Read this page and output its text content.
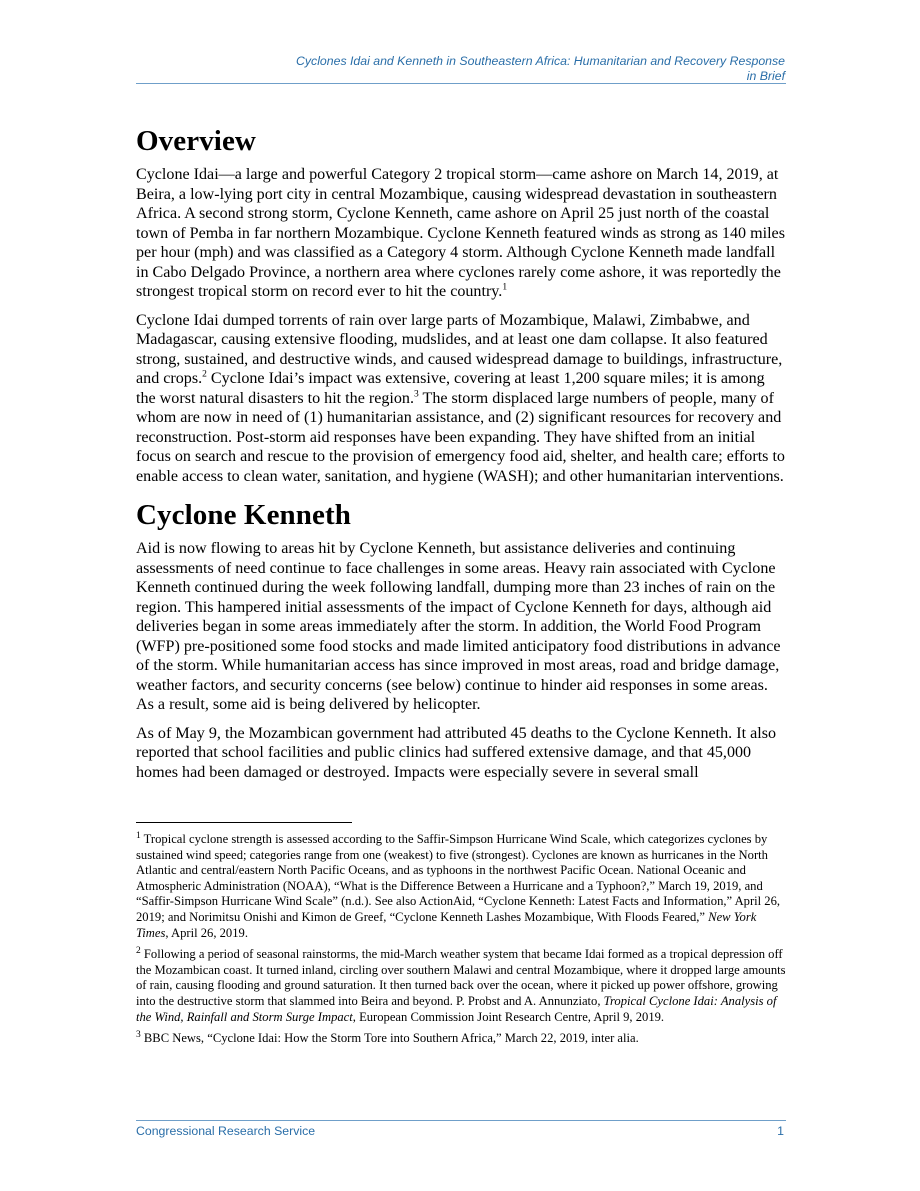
Cyclones Idai and Kenneth in Southeastern Africa: Humanitarian and Recovery Response
in Brief
Overview

Cyclone Idai—a large and powerful Category 2 tropical storm—came ashore on March 14, 2019, at Beira, a low-lying port city in central Mozambique, causing widespread devastation in southeastern Africa. A second strong storm, Cyclone Kenneth, came ashore on April 25 just north of the coastal town of Pemba in far northern Mozambique. Cyclone Kenneth featured winds as strong as 140 miles per hour (mph) and was classified as a Category 4 storm. Although Cyclone Kenneth made landfall in Cabo Delgado Province, a northern area where cyclones rarely come ashore, it was reportedly the strongest tropical storm on record ever to hit the country.$^1$

Cyclone Idai dumped torrents of rain over large parts of Mozambique, Malawi, Zimbabwe, and Madagascar, causing extensive flooding, mudslides, and at least one dam collapse. It also featured strong, sustained, and destructive winds, and caused widespread damage to buildings, infrastructure, and crops.$^2$ Cyclone Idai’s impact was extensive, covering at least 1,200 square miles; it is among the worst natural disasters to hit the region.$^3$ The storm displaced large numbers of people, many of whom are now in need of (1) humanitarian assistance, and (2) significant resources for recovery and reconstruction. Post-storm aid responses have been expanding. They have shifted from an initial focus on search and rescue to the provision of emergency food aid, shelter, and health care; efforts to enable access to clean water, sanitation, and hygiene (WASH); and other humanitarian interventions.

Cyclone Kenneth

Aid is now flowing to areas hit by Cyclone Kenneth, but assistance deliveries and continuing assessments of need continue to face challenges in some areas. Heavy rain associated with Cyclone Kenneth continued during the week following landfall, dumping more than 23 inches of rain on the region. This hampered initial assessments of the impact of Cyclone Kenneth for days, although aid deliveries began in some areas immediately after the storm. In addition, the World Food Program (WFP) pre-positioned some food stocks and made limited anticipatory food distributions in advance of the storm. While humanitarian access has since improved in most areas, road and bridge damage, weather factors, and security concerns (see below) continue to hinder aid responses in some areas. As a result, some aid is being delivered by helicopter.

As of May 9, the Mozambican government had attributed 45 deaths to the Cyclone Kenneth. It also reported that school facilities and public clinics had suffered extensive damage, and that 45,000 homes had been damaged or destroyed. Impacts were especially severe in several small

$^1$ Tropical cyclone strength is assessed according to the Saffir-Simpson Hurricane Wind Scale, which categorizes cyclones by sustained wind speed; categories range from one (weakest) to five (strongest). Cyclones are known as hurricanes in the North Atlantic and central/eastern North Pacific Oceans, and as typhoons in the northwest Pacific Ocean. National Oceanic and Atmospheric Administration (NOAA), “What is the Difference Between a Hurricane and a Typhoon?,” March 19, 2019, and “Saffir-Simpson Hurricane Wind Scale” (n.d.). See also ActionAid, “Cyclone Kenneth: Latest Facts and Information,” April 26, 2019; and Norimitsu Onishi and Kimon de Greef, “Cyclone Kenneth Lashes Mozambique, With Floods Feared,” New York Times, April 26, 2019.

$^2$ Following a period of seasonal rainstorms, the mid-March weather system that became Idai formed as a tropical depression off the Mozambican coast. It turned inland, circling over southern Malawi and central Mozambique, where it dropped large amounts of rain, causing flooding and ground saturation. It then turned back over the ocean, where it picked up power offshore, growing into the destructive storm that slammed into Beira and beyond. P. Probst and A. Annunziato, Tropical Cyclone Idai: Analysis of the Wind, Rainfall and Storm Surge Impact, European Commission Joint Research Centre, April 9, 2019.

$^3$ BBC News, “Cyclone Idai: How the Storm Tore into Southern Africa,” March 22, 2019, inter alia.

Congressional Research Service	1
